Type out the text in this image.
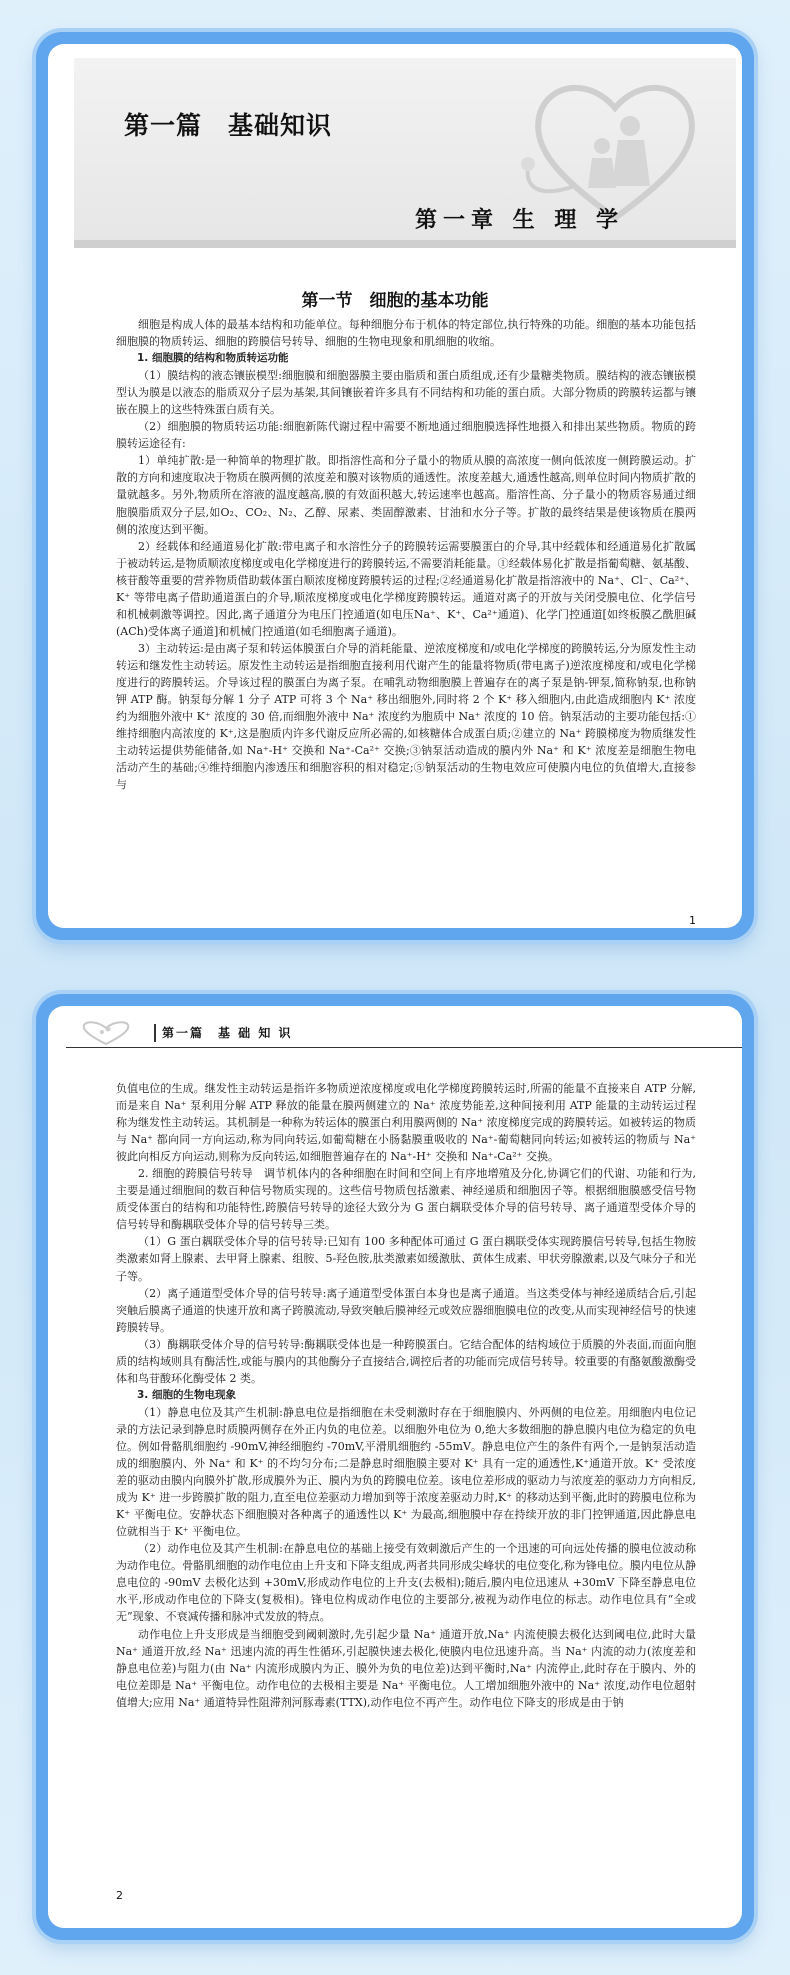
第一篇　基础知识
第一章 生 理 学
第一节　细胞的基本功能

细胞是构成人体的最基本结构和功能单位。每种细胞分布于机体的特定部位,执行特殊的功能。细胞的基本功能包括细胞膜的物质转运、细胞的跨膜信号转导、细胞的生物电现象和肌细胞的收缩。

1. 细胞膜的结构和物质转运功能

（1）膜结构的液态镶嵌模型:细胞膜和细胞器膜主要由脂质和蛋白质组成,还有少量糖类物质。膜结构的液态镶嵌模型认为膜是以液态的脂质双分子层为基架,其间镶嵌着许多具有不同结构和功能的蛋白质。大部分物质的跨膜转运都与镶嵌在膜上的这些特殊蛋白质有关。

（2）细胞膜的物质转运功能:细胞新陈代谢过程中需要不断地通过细胞膜选择性地摄入和排出某些物质。物质的跨膜转运途径有:

1）单纯扩散:是一种简单的物理扩散。即指溶性高和分子量小的物质从膜的高浓度一侧向低浓度一侧跨膜运动。扩散的方向和速度取决于物质在膜两侧的浓度差和膜对该物质的通透性。浓度差越大,通透性越高,则单位时间内物质扩散的量就越多。另外,物质所在溶液的温度越高,膜的有效面积越大,转运速率也越高。脂溶性高、分子量小的物质容易通过细胞膜脂质双分子层,如O₂、CO₂、N₂、乙醇、尿素、类固醇激素、甘油和水分子等。扩散的最终结果是使该物质在膜两侧的浓度达到平衡。

2）经载体和经通道易化扩散:带电离子和水溶性分子的跨膜转运需要膜蛋白的介导,其中经载体和经通道易化扩散属于被动转运,是物质顺浓度梯度或电化学梯度进行的跨膜转运,不需要消耗能量。①经载体易化扩散是指葡萄糖、氨基酸、核苷酸等重要的营养物质借助载体蛋白顺浓度梯度跨膜转运的过程;②经通道易化扩散是指溶液中的 Na⁺、Cl⁻、Ca²⁺、K⁺ 等带电离子借助通道蛋白的介导,顺浓度梯度或电化学梯度跨膜转运。通道对离子的开放与关闭受膜电位、化学信号和机械刺激等调控。因此,离子通道分为电压门控通道(如电压Na⁺、K⁺、Ca²⁺通道)、化学门控通道[如终板膜乙酰胆碱(ACh)受体离子通道]和机械门控通道(如毛细胞离子通道)。

3）主动转运:是由离子泵和转运体膜蛋白介导的消耗能量、逆浓度梯度和/或电化学梯度的跨膜转运,分为原发性主动转运和继发性主动转运。原发性主动转运是指细胞直接利用代谢产生的能量将物质(带电离子)逆浓度梯度和/或电化学梯度进行的跨膜转运。介导该过程的膜蛋白为离子泵。在哺乳动物细胞膜上普遍存在的离子泵是钠-钾泵,简称钠泵,也称钠钾 ATP 酶。钠泵每分解 1 分子 ATP 可将 3 个 Na⁺ 移出细胞外,同时将 2 个 K⁺ 移入细胞内,由此造成细胞内 K⁺ 浓度约为细胞外液中 K⁺ 浓度的 30 倍,而细胞外液中 Na⁺ 浓度约为胞质中 Na⁺ 浓度的 10 倍。钠泵活动的主要功能包括:①维持细胞内高浓度的 K⁺,这是胞质内许多代谢反应所必需的,如核糖体合成蛋白质;②建立的 Na⁺ 跨膜梯度为物质继发性主动转运提供势能储备,如 Na⁺-H⁺ 交换和 Na⁺-Ca²⁺ 交换;③钠泵活动造成的膜内外 Na⁺ 和 K⁺ 浓度差是细胞生物电活动产生的基础;④维持细胞内渗透压和细胞容积的相对稳定;⑤钠泵活动的生物电效应可使膜内电位的负值增大,直接参与

1
第一篇　基 础 知 识

负值电位的生成。继发性主动转运是指许多物质逆浓度梯度或电化学梯度跨膜转运时,所需的能量不直接来自 ATP 分解,而是来自 Na⁺ 泵利用分解 ATP 释放的能量在膜两侧建立的 Na⁺ 浓度势能差,这种间接利用 ATP 能量的主动转运过程称为继发性主动转运。其机制是一种称为转运体的膜蛋白利用膜两侧的 Na⁺ 浓度梯度完成的跨膜转运。如被转运的物质与 Na⁺ 都向同一方向运动,称为同向转运,如葡萄糖在小肠黏膜重吸收的 Na⁺-葡萄糖同向转运;如被转运的物质与 Na⁺ 彼此向相反方向运动,则称为反向转运,如细胞普遍存在的 Na⁺-H⁺ 交换和 Na⁺-Ca²⁺ 交换。

2. 细胞的跨膜信号转导　调节机体内的各种细胞在时间和空间上有序地增殖及分化,协调它们的代谢、功能和行为,主要是通过细胞间的数百种信号物质实现的。这些信号物质包括激素、神经递质和细胞因子等。根据细胞膜感受信号物质受体蛋白的结构和功能特性,跨膜信号转导的途径大致分为 G 蛋白耦联受体介导的信号转导、离子通道型受体介导的信号转导和酶耦联受体介导的信号转导三类。

（1）G 蛋白耦联受体介导的信号转导:已知有 100 多种配体可通过 G 蛋白耦联受体实现跨膜信号转导,包括生物胺类激素如肾上腺素、去甲肾上腺素、组胺、5-羟色胺,肽类激素如缓激肽、黄体生成素、甲状旁腺激素,以及气味分子和光子等。

（2）离子通道型受体介导的信号转导:离子通道型受体蛋白本身也是离子通道。当这类受体与神经递质结合后,引起突触后膜离子通道的快速开放和离子跨膜流动,导致突触后膜神经元或效应器细胞膜电位的改变,从而实现神经信号的快速跨膜转导。

（3）酶耦联受体介导的信号转导:酶耦联受体也是一种跨膜蛋白。它结合配体的结构域位于质膜的外表面,而面向胞质的结构域则具有酶活性,或能与膜内的其他酶分子直接结合,调控后者的功能而完成信号转导。较重要的有酪氨酸激酶受体和鸟苷酸环化酶受体 2 类。

3. 细胞的生物电现象

（1）静息电位及其产生机制:静息电位是指细胞在未受刺激时存在于细胞膜内、外两侧的电位差。用细胞内电位记录的方法记录到静息时质膜两侧存在外正内负的电位差。以细胞外电位为 0,绝大多数细胞的静息膜内电位为稳定的负电位。例如骨骼肌细胞约 -90mV,神经细胞约 -70mV,平滑肌细胞约 -55mV。静息电位产生的条件有两个,一是钠泵活动造成的细胞膜内、外 Na⁺ 和 K⁺ 的不均匀分布;二是静息时细胞膜主要对 K⁺ 具有一定的通透性,K⁺通道开放。K⁺ 受浓度差的驱动由膜内向膜外扩散,形成膜外为正、膜内为负的跨膜电位差。该电位差形成的驱动力与浓度差的驱动力方向相反,成为 K⁺ 进一步跨膜扩散的阻力,直至电位差驱动力增加到等于浓度差驱动力时,K⁺ 的移动达到平衡,此时的跨膜电位称为 K⁺ 平衡电位。安静状态下细胞膜对各种离子的通透性以 K⁺ 为最高,细胞膜中存在持续开放的非门控钾通道,因此静息电位就相当于 K⁺ 平衡电位。

（2）动作电位及其产生机制:在静息电位的基础上接受有效刺激后产生的一个迅速的可向远处传播的膜电位波动称为动作电位。骨骼肌细胞的动作电位由上升支和下降支组成,两者共同形成尖峰状的电位变化,称为锋电位。膜内电位从静息电位的 -90mV 去极化达到 +30mV,形成动作电位的上升支(去极相);随后,膜内电位迅速从 +30mV 下降至静息电位水平,形成动作电位的下降支(复极相)。锋电位构成动作电位的主要部分,被视为动作电位的标志。动作电位具有“全或无”现象、不衰减传播和脉冲式发放的特点。

动作电位上升支形成是当细胞受到阈刺激时,先引起少量 Na⁺ 通道开放,Na⁺ 内流使膜去极化达到阈电位,此时大量 Na⁺ 通道开放,经 Na⁺ 迅速内流的再生性循环,引起膜快速去极化,使膜内电位迅速升高。当 Na⁺ 内流的动力(浓度差和静息电位差)与阻力(由 Na⁺ 内流形成膜内为正、膜外为负的电位差)达到平衡时,Na⁺ 内流停止,此时存在于膜内、外的电位差即是 Na⁺ 平衡电位。动作电位的去极相主要是 Na⁺ 平衡电位。人工增加细胞外液中的 Na⁺ 浓度,动作电位超射值增大;应用 Na⁺ 通道特异性阻滞剂河豚毒素(TTX),动作电位不再产生。动作电位下降支的形成是由于钠

2
